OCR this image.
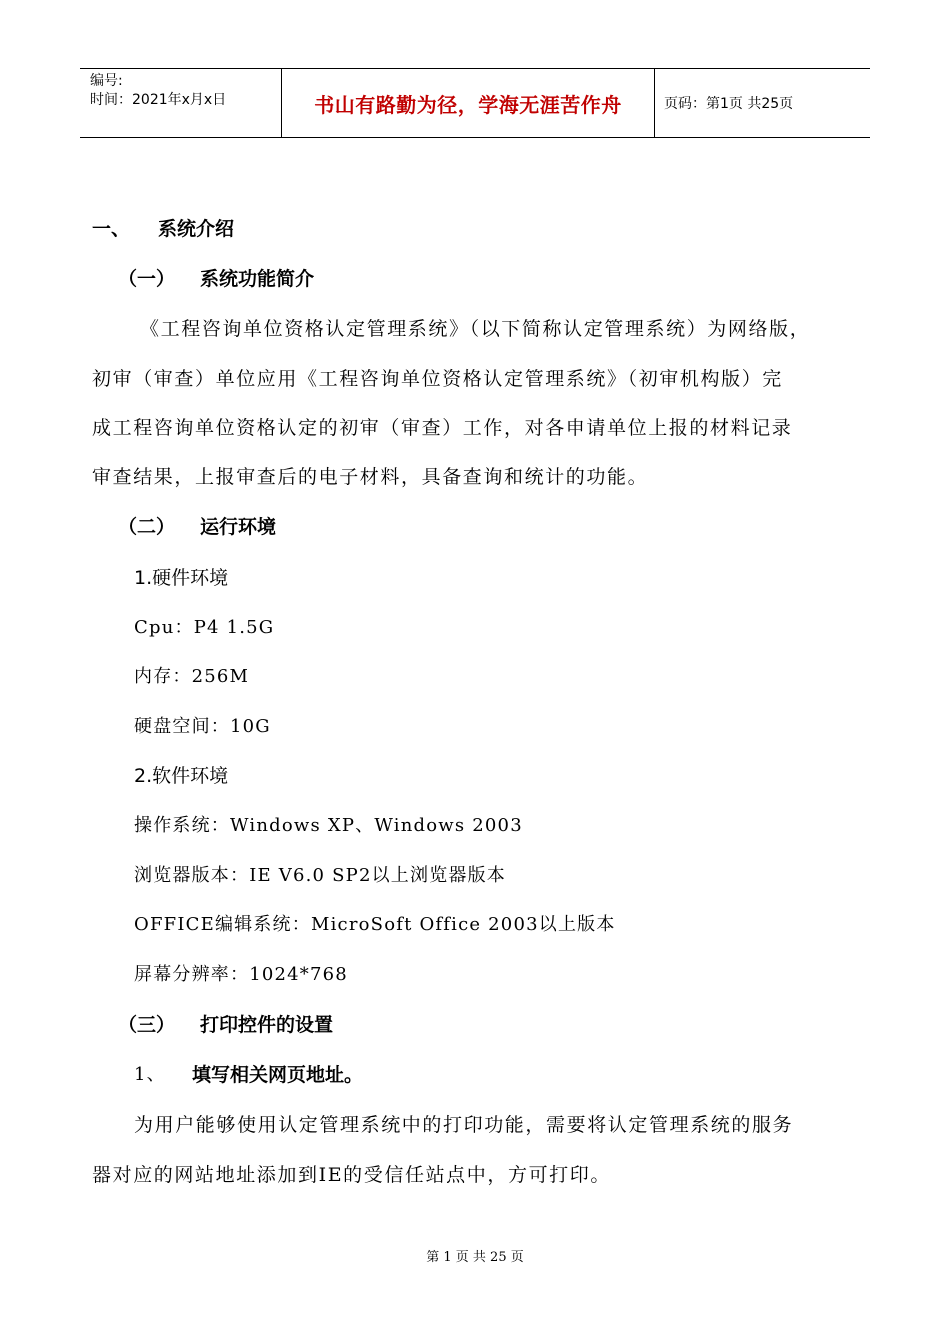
编号:
时间：2021年x月x日	书山有路勤为径，学海无涯苦作舟	页码：第1页 共25页
一、 系统介绍
（一） 系统功能简介
《工程咨询单位资格认定管理系统》（以下简称认定管理系统）为网络版，
初审（审查）单位应用《工程咨询单位资格认定管理系统》（初审机构版）完
成工程咨询单位资格认定的初审（审查）工作，对各申请单位上报的材料记录
审查结果，上报审查后的电子材料，具备查询和统计的功能。
（二） 运行环境
1.硬件环境
Cpu：P4 1.5G
内存：256M
硬盘空间：10G
2.软件环境
操作系统：Windows XP、Windows 2003
浏览器版本：IE V6.0 SP2以上浏览器版本
OFFICE编辑系统：MicroSoft Office 2003以上版本
屏幕分辨率：1024*768
（三） 打印控件的设置
1、 填写相关网页地址。
为用户能够使用认定管理系统中的打印功能，需要将认定管理系统的服务
器对应的网站地址添加到IE的受信任站点中，方可打印。
第 1 页 共 25 页
